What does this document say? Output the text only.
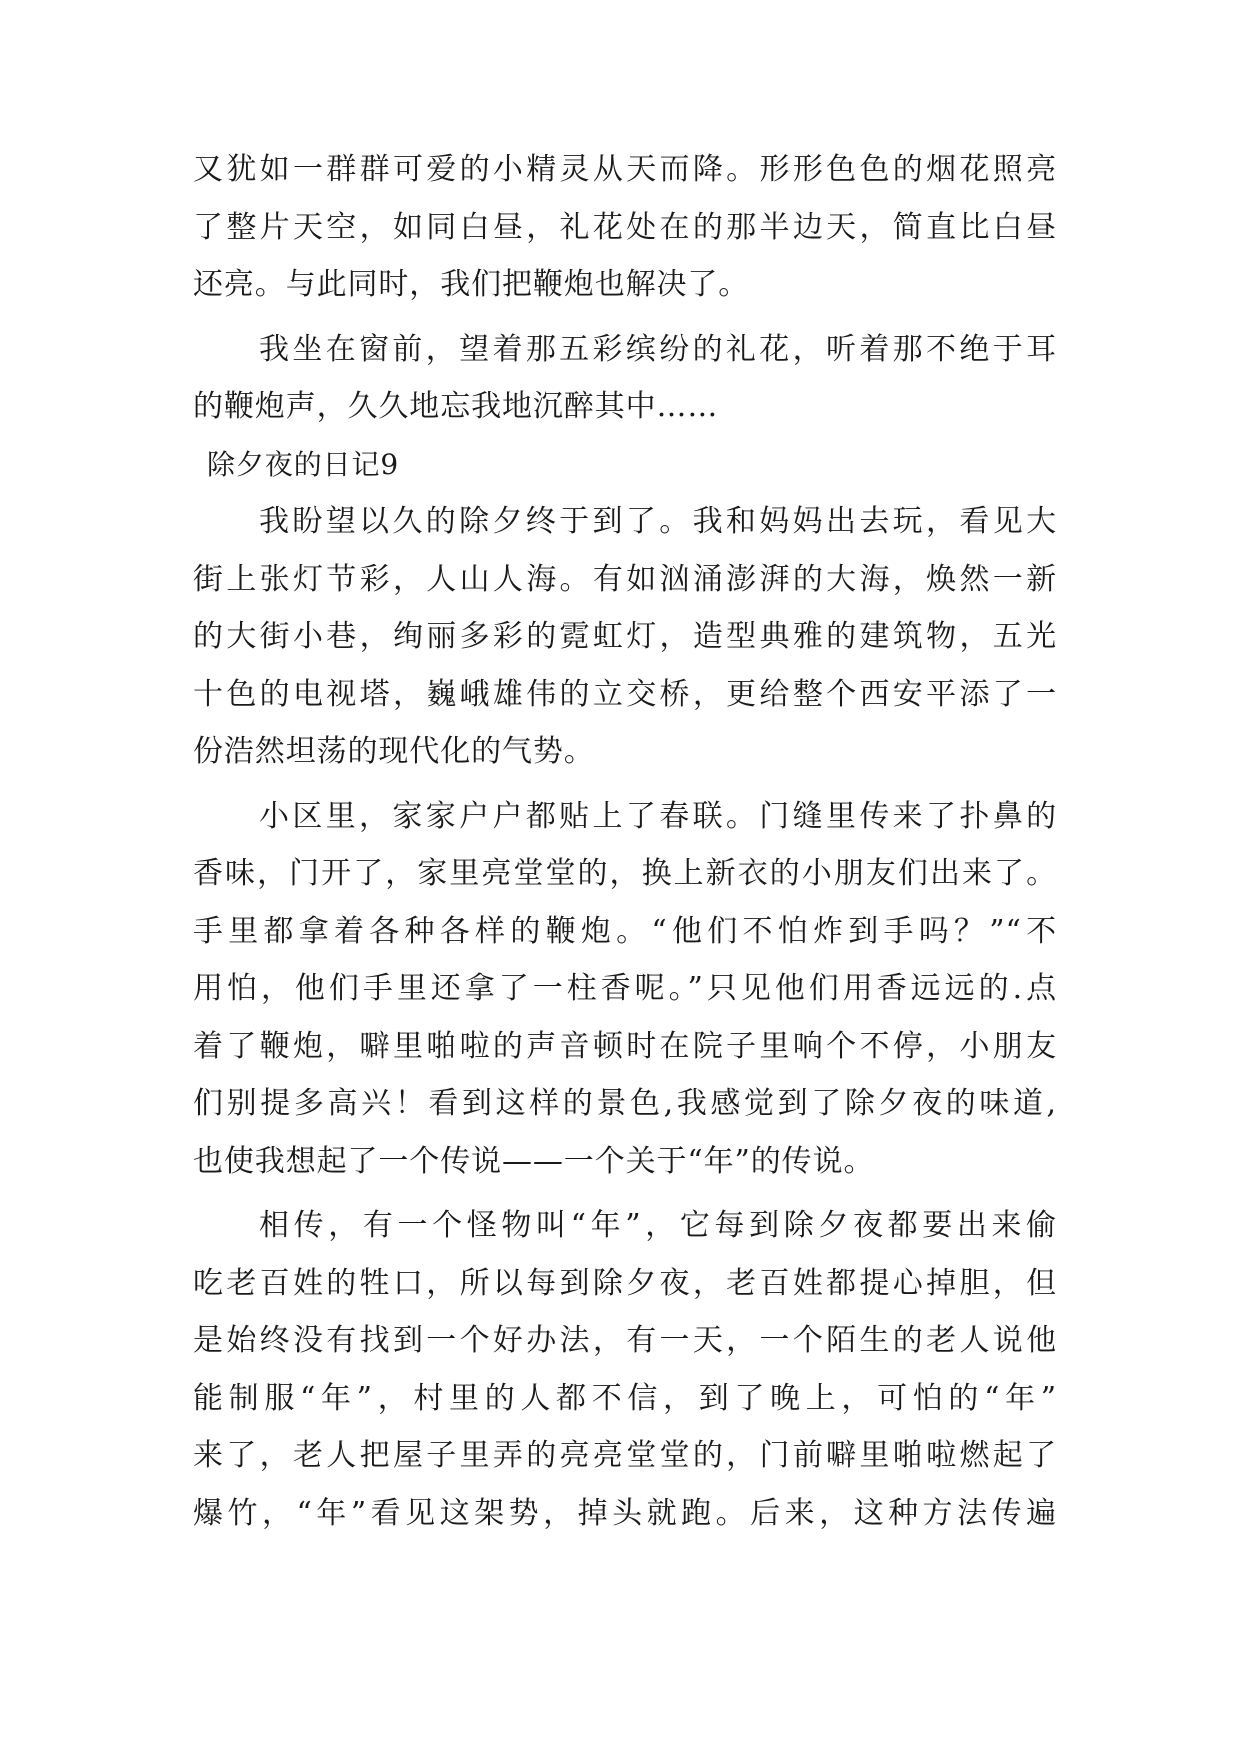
又犹如一群群可爱的小精灵从天而降。形形色色的烟花照亮
了整片天空，如同白昼，礼花处在的那半边天，简直比白昼
还亮。与此同时，我们把鞭炮也解决了。
我坐在窗前，望着那五彩缤纷的礼花，听着那不绝于耳
的鞭炮声，久久地忘我地沉醉其中……
除夕夜的日记9
我盼望以久的除夕终于到了。我和妈妈出去玩，看见大
街上张灯节彩，人山人海。有如汹涌澎湃的大海，焕然一新
的大街小巷，绚丽多彩的霓虹灯，造型典雅的建筑物，五光
十色的电视塔，巍峨雄伟的立交桥，更给整个西安平添了一
份浩然坦荡的现代化的气势。
小区里，家家户户都贴上了春联。门缝里传来了扑鼻的
香味，门开了，家里亮堂堂的，换上新衣的小朋友们出来了。
手里都拿着各种各样的鞭炮。“他们不怕炸到手吗？”“不
用怕，他们手里还拿了一柱香呢。”只见他们用香远远的.点
着了鞭炮，噼里啪啦的声音顿时在院子里响个不停，小朋友
们别提多高兴！看到这样的景色,我感觉到了除夕夜的味道,
也使我想起了一个传说——一个关于“年”的传说。
相传，有一个怪物叫“年”，它每到除夕夜都要出来偷
吃老百姓的牲口，所以每到除夕夜，老百姓都提心掉胆，但
是始终没有找到一个好办法，有一天，一个陌生的老人说他
能制服“年”，村里的人都不信，到了晚上，可怕的“年”
来了，老人把屋子里弄的亮亮堂堂的，门前噼里啪啦燃起了
爆竹，“年”看见这架势，掉头就跑。后来，这种方法传遍
